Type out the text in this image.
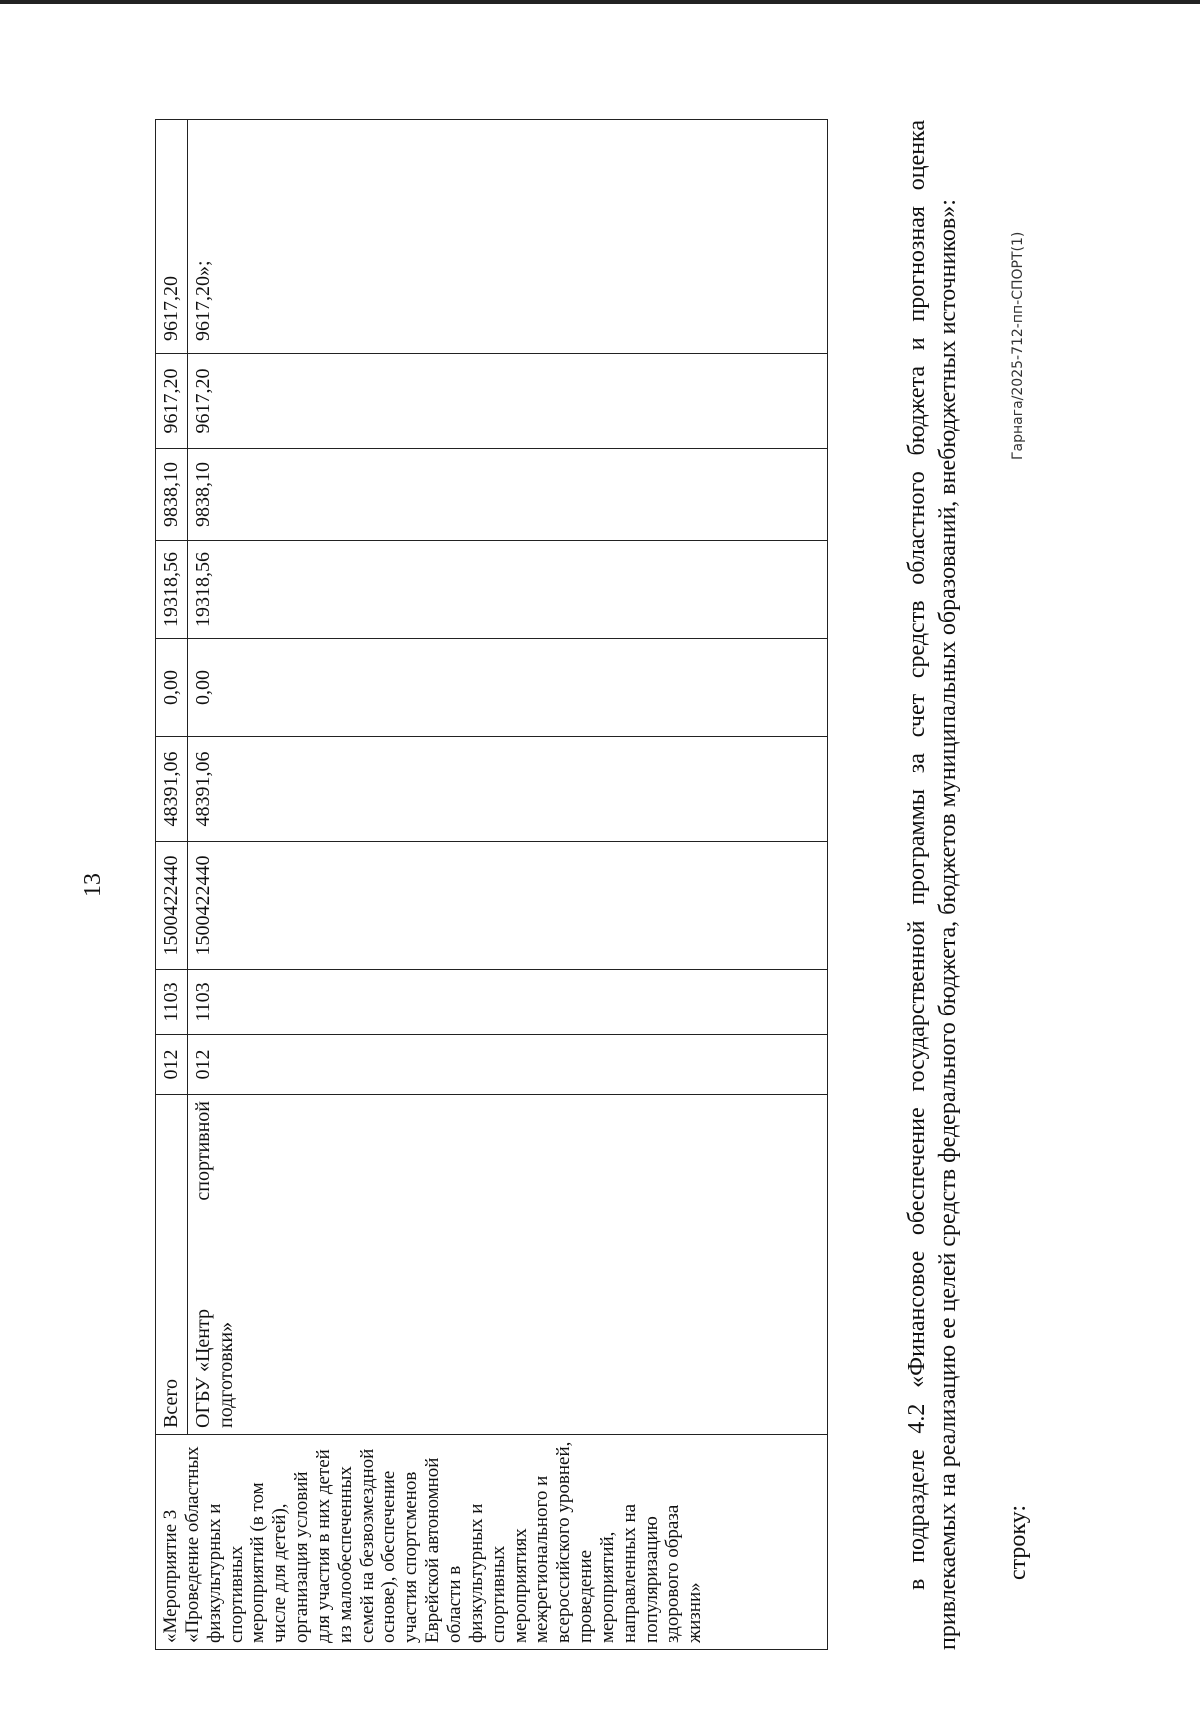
13
«Мероприятие 3 «Проведение областных физкультурных и спортивных мероприятий (в том числе для детей), организация условий для участия в них детей из малообеспеченных семей на безвозмездной основе), обеспечение участия спортсменов Еврейской автономной области в физкультурных и спортивных мероприятиях межрегионального и всероссийского уровней, проведение мероприятий, направленных на популяризацию здорового образа жизни»	Всего	012	1103	1500422440	48391,06	0,00	19318,56	9838,10	9617,20	9617,20

	ОГБУ «Центр
спортивной
подготовки»	012	1103	1500422440	48391,06	0,00	19318,56	9838,10	9617,20	9617,20»;	в подразделе 4.2 «Финансовое обеспечение государственной программы за счет средств областного бюджета и прогнозная оценка привлекаемых на реализацию ее целей средств федерального бюджета, бюджетов муниципальных образований, внебюджетных источников»: строку:
Гарнага/2025-712-пп-СПОРТ(1)
